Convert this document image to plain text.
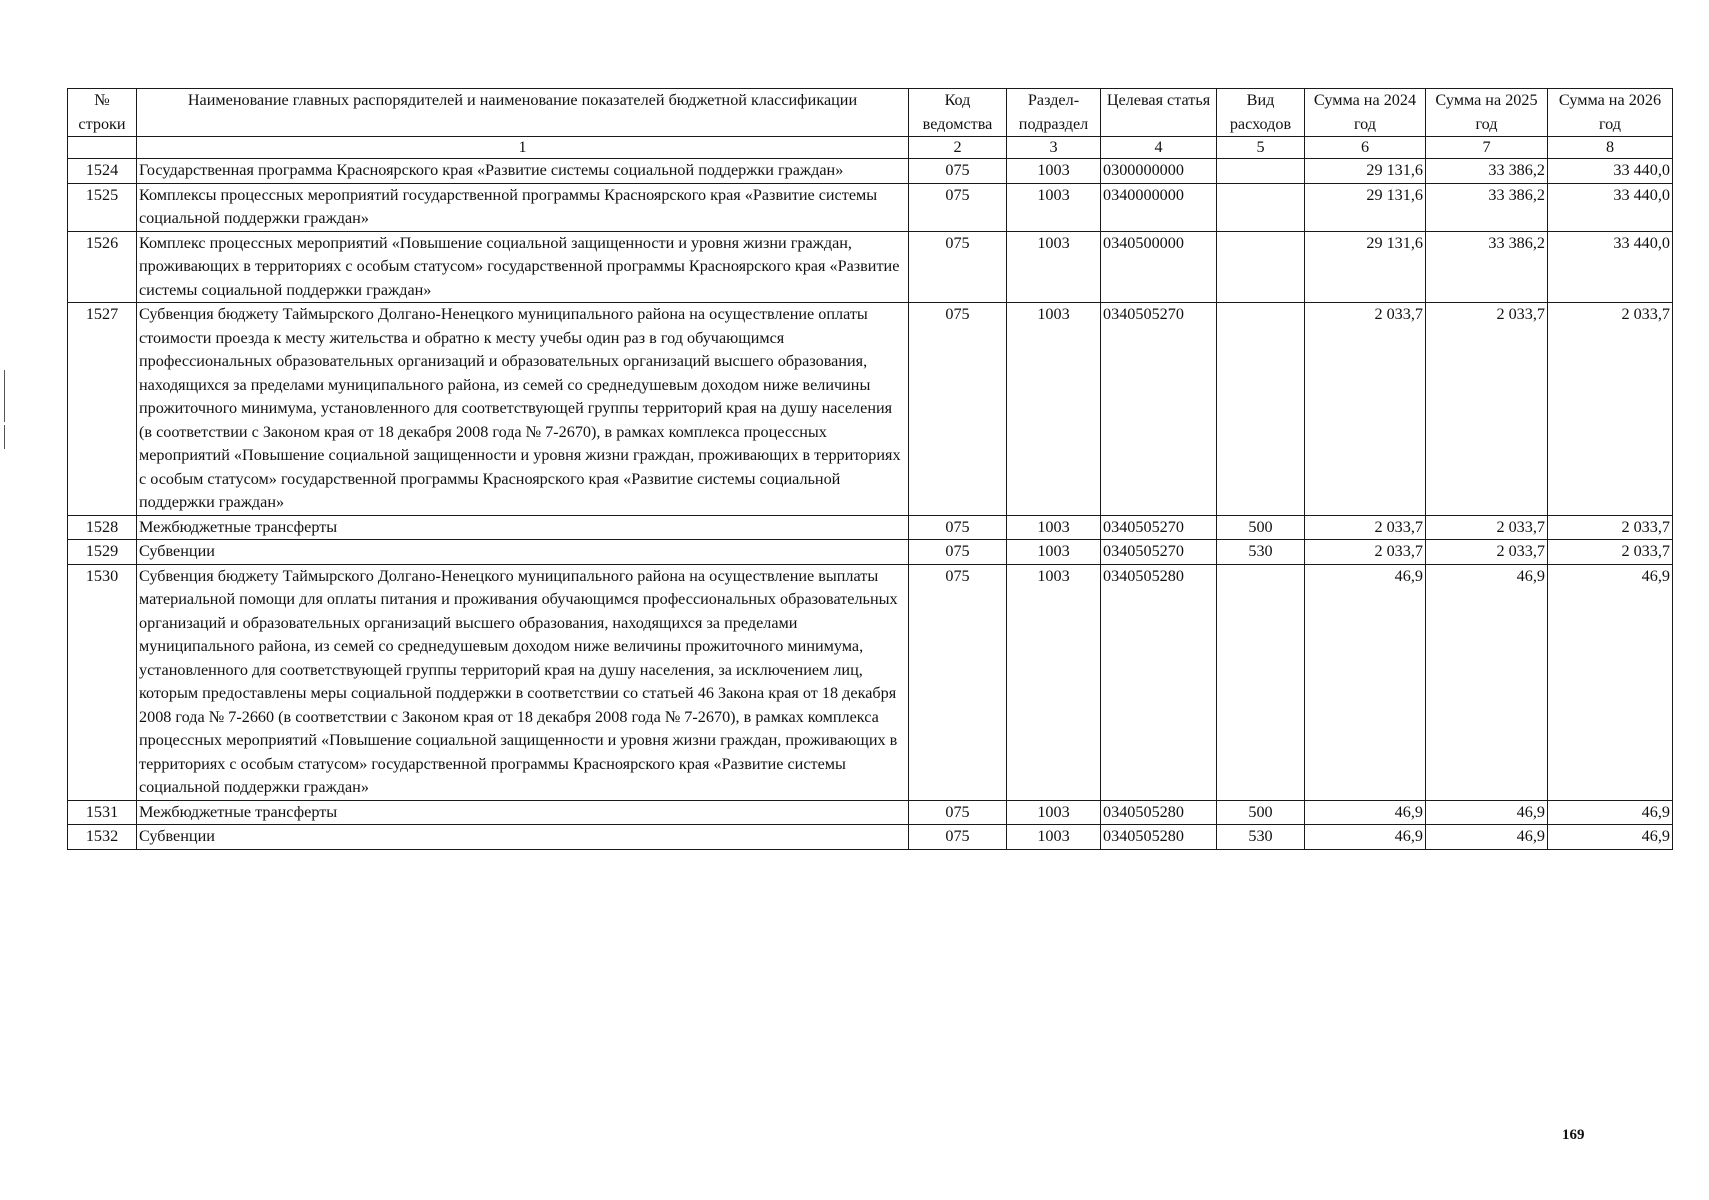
№ строки	Наименование главных распорядителей и наименование показателей бюджетной классификации	Код ведомства	Раздел-подраздел	Целевая статья	Вид расходов	Сумма на 2024 год	Сумма на 2025 год	Сумма на 2026 год
	1	2	3	4	5	6	7	8
1524	Государственная программа Красноярского края «Развитие системы социальной поддержки граждан»	075	1003	0300000000		29 131,6	33 386,2	33 440,0
1525	Комплексы процессных мероприятий государственной программы Красноярского края «Развитие системы социальной поддержки граждан»	075	1003	0340000000		29 131,6	33 386,2	33 440,0
1526	Комплекс процессных мероприятий «Повышение социальной защищенности и уровня жизни граждан, проживающих в территориях с особым статусом» государственной программы Красноярского края «Развитие системы социальной поддержки граждан»	075	1003	0340500000		29 131,6	33 386,2	33 440,0
1527	Субвенция бюджету Таймырского Долгано-Ненецкого муниципального района на осуществление оплаты стоимости проезда к месту жительства и обратно к месту учебы один раз в год обучающимся профессиональных образовательных организаций и образовательных организаций высшего образования, находящихся за пределами муниципального района, из семей со среднедушевым доходом ниже величины прожиточного минимума, установленного для соответствующей группы территорий края на душу населения (в соответствии с Законом края от 18 декабря 2008 года № 7-2670), в рамках комплекса процессных мероприятий «Повышение социальной защищенности и уровня жизни граждан, проживающих в территориях с особым статусом» государственной программы Красноярского края «Развитие системы социальной поддержки граждан»	075	1003	0340505270		2 033,7	2 033,7	2 033,7
1528	Межбюджетные трансферты	075	1003	0340505270	500	2 033,7	2 033,7	2 033,7
1529	Субвенции	075	1003	0340505270	530	2 033,7	2 033,7	2 033,7
1530	Субвенция бюджету Таймырского Долгано-Ненецкого муниципального района на осуществление выплаты материальной помощи для оплаты питания и проживания обучающимся профессиональных образовательных организаций и образовательных организаций высшего образования, находящихся за пределами муниципального района, из семей со среднедушевым доходом ниже величины прожиточного минимума, установленного для соответствующей группы территорий края на душу населения, за исключением лиц, которым предоставлены меры социальной поддержки в соответствии со статьей 46 Закона края от 18 декабря 2008 года № 7-2660 (в соответствии с Законом края от 18 декабря 2008 года № 7-2670), в рамках комплекса процессных мероприятий «Повышение социальной защищенности и уровня жизни граждан, проживающих в территориях с особым статусом» государственной программы Красноярского края «Развитие системы социальной поддержки граждан»	075	1003	0340505280		46,9	46,9	46,9
1531	Межбюджетные трансферты	075	1003	0340505280	500	46,9	46,9	46,9
1532	Субвенции	075	1003	0340505280	530	46,9	46,9	46,9
169
